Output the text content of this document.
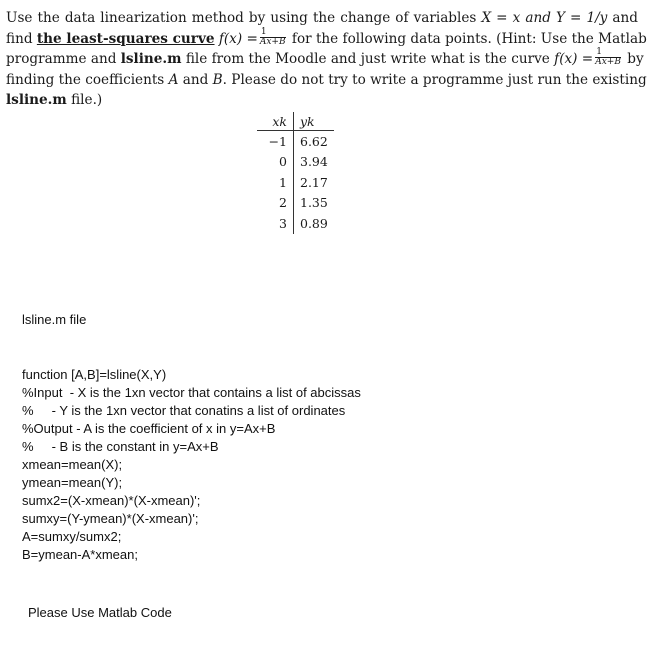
Use the data linearization method by using the change of variables X = x and Y = 1/y and
find the least-squares curve $f(x) = \frac{1}{Ax+B}$ for the following data points. (Hint: Use the Matlab
programme and lsline.m file from the Moodle and just write what is the curve $f(x) = \frac{1}{Ax+B}$ by
finding the coefficients A and B. Please do not try to write a programme just run the existing
lsline.m file.)
xk	yk
−1	6.62
0	3.94
1	2.17
2	1.35
3	0.89
lsline.m file

function [A,B]=lsline(X,Y)
%Input  - X is the 1xn vector that contains a list of abcissas
%     - Y is the 1xn vector that conatins a list of ordinates
%Output - A is the coefficient of x in y=Ax+B
%     - B is the constant in y=Ax+B
xmean=mean(X);
ymean=mean(Y);
sumx2=(X-xmean)*(X-xmean)';
sumxy=(Y-ymean)*(X-xmean)';
A=sumxy/sumx2;
B=ymean-A*xmean;

Please Use Matlab Code
